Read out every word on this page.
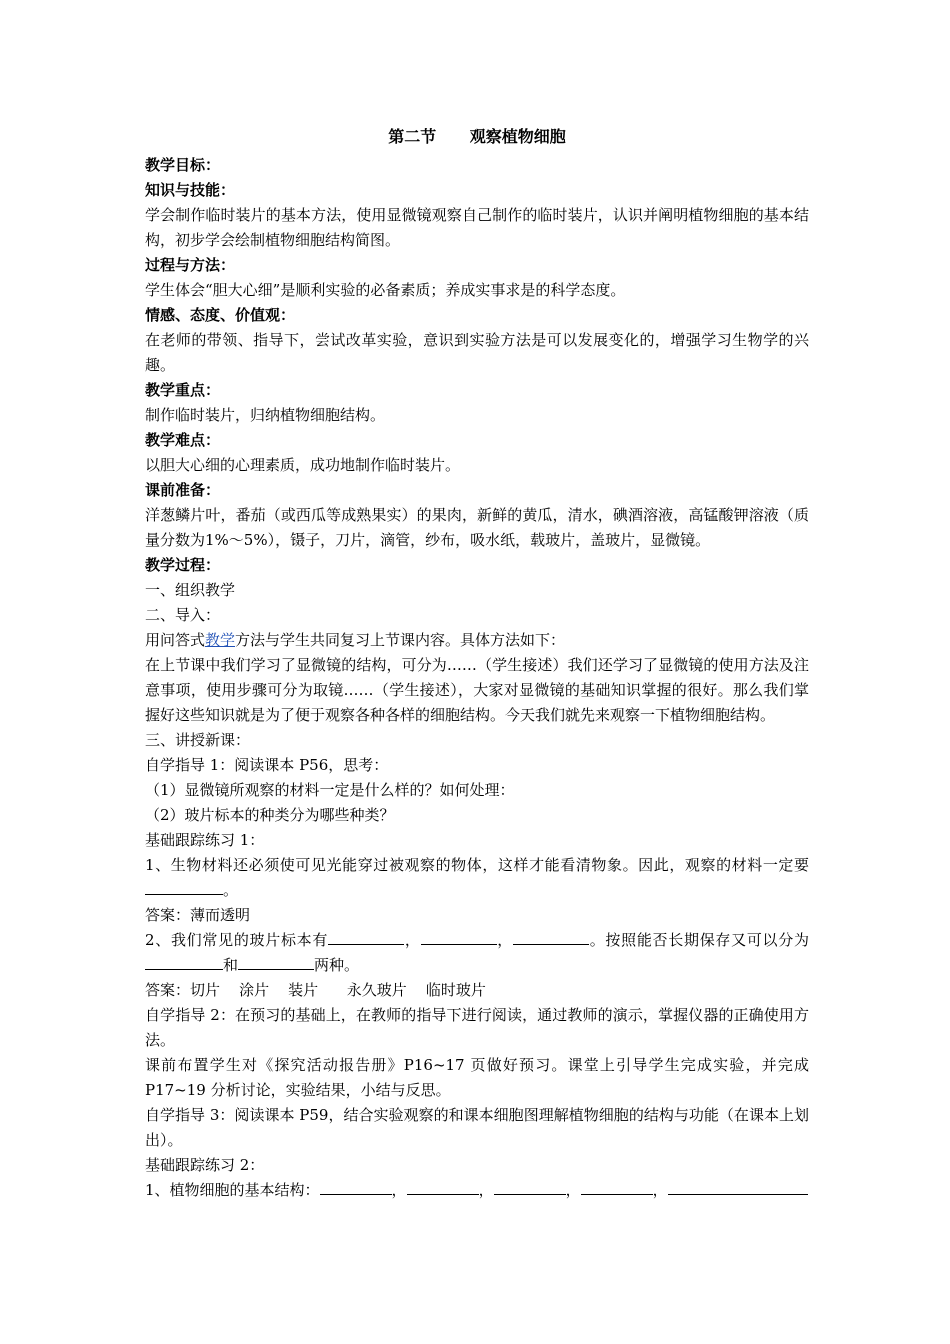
第二节      观察植物细胞
教学目标：
知识与技能：
学会制作临时装片的基本方法，使用显微镜观察自己制作的临时装片，认识并阐明植物细胞的基本结构，初步学会绘制植物细胞结构简图。
过程与方法：
学生体会“胆大心细”是顺利实验的必备素质；养成实事求是的科学态度。
情感、态度、价值观：
在老师的带领、指导下，尝试改革实验，意识到实验方法是可以发展变化的，增强学习生物学的兴趣。
教学重点：
制作临时装片，归纳植物细胞结构。
教学难点：
以胆大心细的心理素质，成功地制作临时装片。
课前准备：
洋葱鳞片叶，番茄（或西瓜等成熟果实）的果肉，新鲜的黄瓜，清水，碘酒溶液，高锰酸钾溶液（质量分数为1%～5%），镊子，刀片，滴管，纱布，吸水纸，载玻片，盖玻片，显微镜。
教学过程：
一、组织教学
二、导入：
用问答式教学方法与学生共同复习上节课内容。具体方法如下：
在上节课中我们学习了显微镜的结构，可分为……（学生接述）我们还学习了显微镜的使用方法及注意事项，使用步骤可分为取镜……（学生接述），大家对显微镜的基础知识掌握的很好。那么我们掌握好这些知识就是为了便于观察各种各样的细胞结构。今天我们就先来观察一下植物细胞结构。
三、讲授新课：
自学指导 1：阅读课本 P56，思考：
（1）显微镜所观察的材料一定是什么样的？如何处理：
（2）玻片标本的种类分为哪些种类？
基础跟踪练习 1：
1、生物材料还必须使可见光能穿过被观察的物体，这样才能看清物象。因此，观察的材料一定要。
答案：薄而透明
2、我们常见的玻片标本有	，	，	。按照能否长期保存又可以分为和	两种。
答案：切片    涂片    装片      永久玻片    临时玻片
自学指导 2：在预习的基础上，在教师的指导下进行阅读，通过教师的演示，掌握仪器的正确使用方法。
课前布置学生对《探究活动报告册》P16~17 页做好预习。课堂上引导学生完成实验，并完成 P17~19 分析讨论，实验结果，小结与反思。
自学指导 3：阅读课本 P59，结合实验观察的和课本细胞图理解植物细胞的结构与功能（在课本上划出）。
基础跟踪练习 2：
1、植物细胞的基本结构：	，	，	，	，
